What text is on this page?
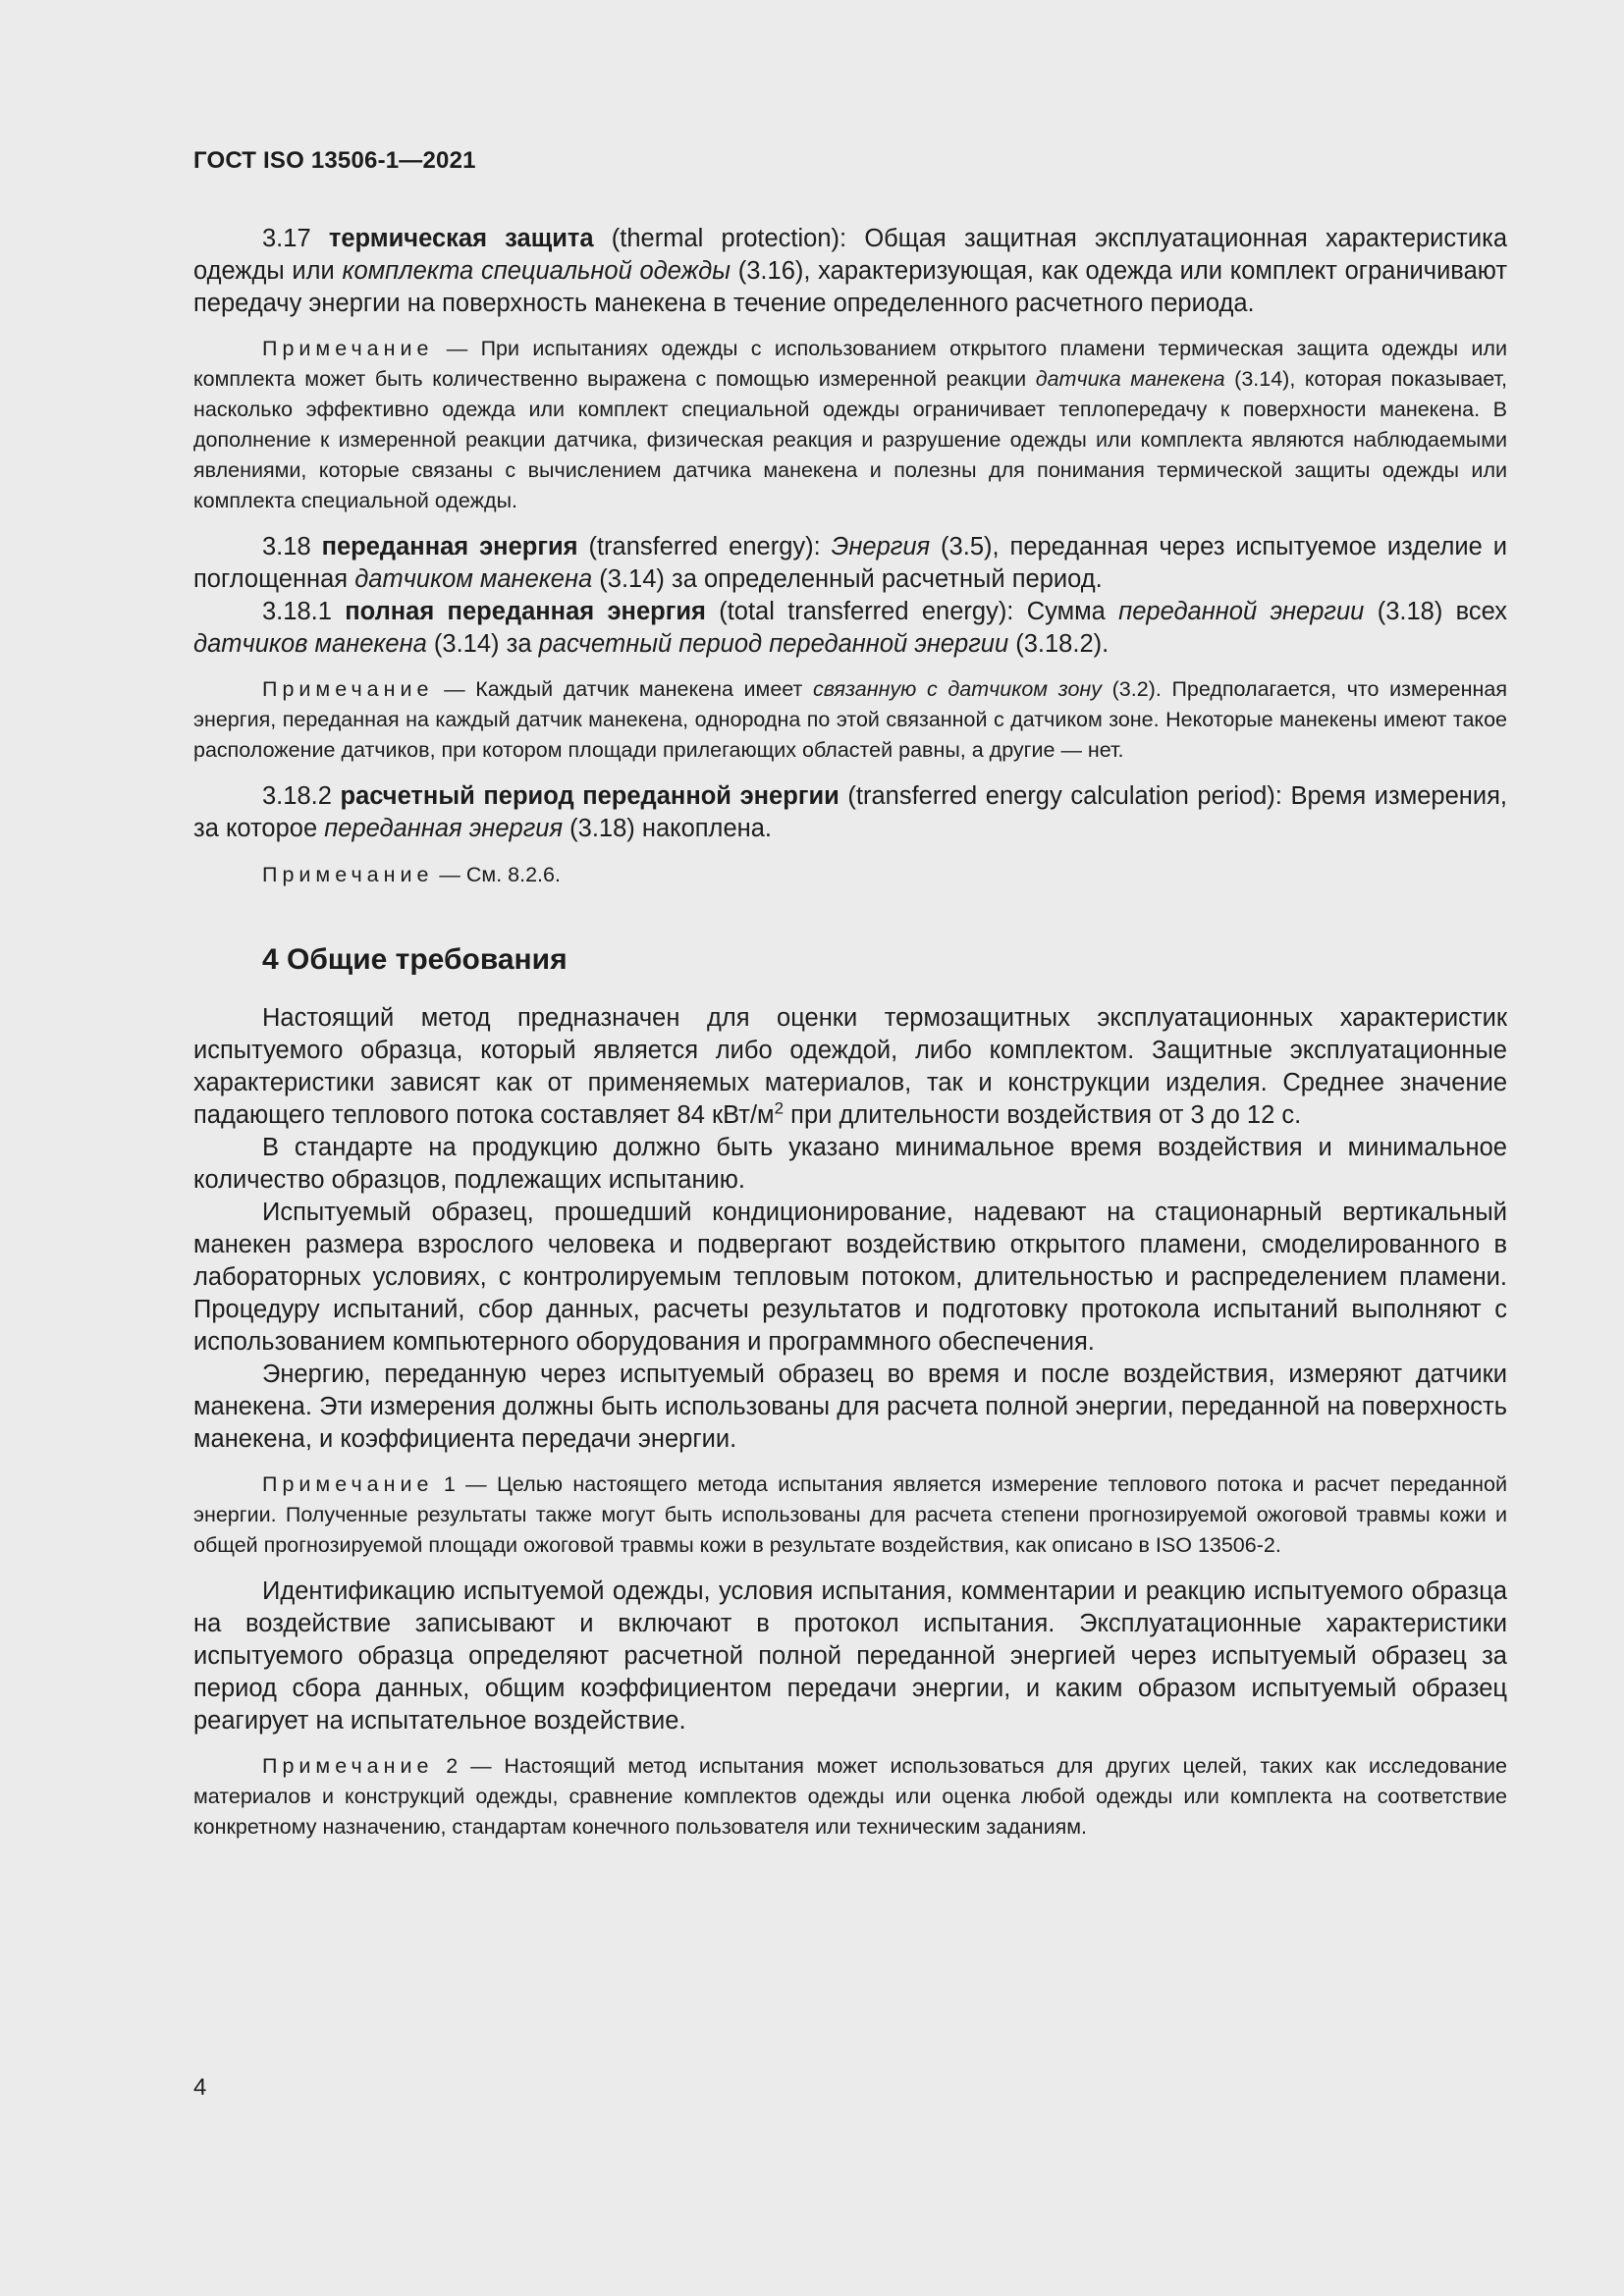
ГОСТ ISO 13506-1—2021

3.17 термическая защита (thermal protection): Общая защитная эксплуатационная характеристика одежды или комплекта специальной одежды (3.16), характеризующая, как одежда или комплект ограничивают передачу энергии на поверхность манекена в течение определенного расчетного периода.

Примечание — При испытаниях одежды с использованием открытого пламени термическая защита одежды или комплекта может быть количественно выражена с помощью измеренной реакции датчика манекена (3.14), которая показывает, насколько эффективно одежда или комплект специальной одежды ограничивает теплопередачу к поверхности манекена. В дополнение к измеренной реакции датчика, физическая реакция и разрушение одежды или комплекта являются наблюдаемыми явлениями, которые связаны с вычислением датчика манекена и полезны для понимания термической защиты одежды или комплекта специальной одежды.

3.18 переданная энергия (transferred energy): Энергия (3.5), переданная через испытуемое изделие и поглощенная датчиком манекена (3.14) за определенный расчетный период.

3.18.1 полная переданная энергия (total transferred energy): Сумма переданной энергии (3.18) всех датчиков манекена (3.14) за расчетный период переданной энергии (3.18.2).

Примечание — Каждый датчик манекена имеет связанную с датчиком зону (3.2). Предполагается, что измеренная энергия, переданная на каждый датчик манекена, однородна по этой связанной с датчиком зоне. Некоторые манекены имеют такое расположение датчиков, при котором площади прилегающих областей равны, а другие — нет.

3.18.2 расчетный период переданной энергии (transferred energy calculation period): Время измерения, за которое переданная энергия (3.18) накоплена.

Примечание — См. 8.2.6.

4 Общие требования

Настоящий метод предназначен для оценки термозащитных эксплуатационных характеристик испытуемого образца, который является либо одеждой, либо комплектом. Защитные эксплуатационные характеристики зависят как от применяемых материалов, так и конструкции изделия. Среднее значение падающего теплового потока составляет 84 кВт/$м^2$ при длительности воздействия от 3 до 12 с.

В стандарте на продукцию должно быть указано минимальное время воздействия и минимальное количество образцов, подлежащих испытанию.

Испытуемый образец, прошедший кондиционирование, надевают на стационарный вертикальный манекен размера взрослого человека и подвергают воздействию открытого пламени, смоделированного в лабораторных условиях, с контролируемым тепловым потоком, длительностью и распределением пламени. Процедуру испытаний, сбор данных, расчеты результатов и подготовку протокола испытаний выполняют с использованием компьютерного оборудования и программного обеспечения.

Энергию, переданную через испытуемый образец во время и после воздействия, измеряют датчики манекена. Эти измерения должны быть использованы для расчета полной энергии, переданной на поверхность манекена, и коэффициента передачи энергии.

Примечание 1 — Целью настоящего метода испытания является измерение теплового потока и расчет переданной энергии. Полученные результаты также могут быть использованы для расчета степени прогнозируемой ожоговой травмы кожи и общей прогнозируемой площади ожоговой травмы кожи в результате воздействия, как описано в ISO 13506-2.

Идентификацию испытуемой одежды, условия испытания, комментарии и реакцию испытуемого образца на воздействие записывают и включают в протокол испытания. Эксплуатационные характеристики испытуемого образца определяют расчетной полной переданной энергией через испытуемый образец за период сбора данных, общим коэффициентом передачи энергии, и каким образом испытуемый образец реагирует на испытательное воздействие.

Примечание 2 — Настоящий метод испытания может использоваться для других целей, таких как исследование материалов и конструкций одежды, сравнение комплектов одежды или оценка любой одежды или комплекта на соответствие конкретному назначению, стандартам конечного пользователя или техническим заданиям.

4
